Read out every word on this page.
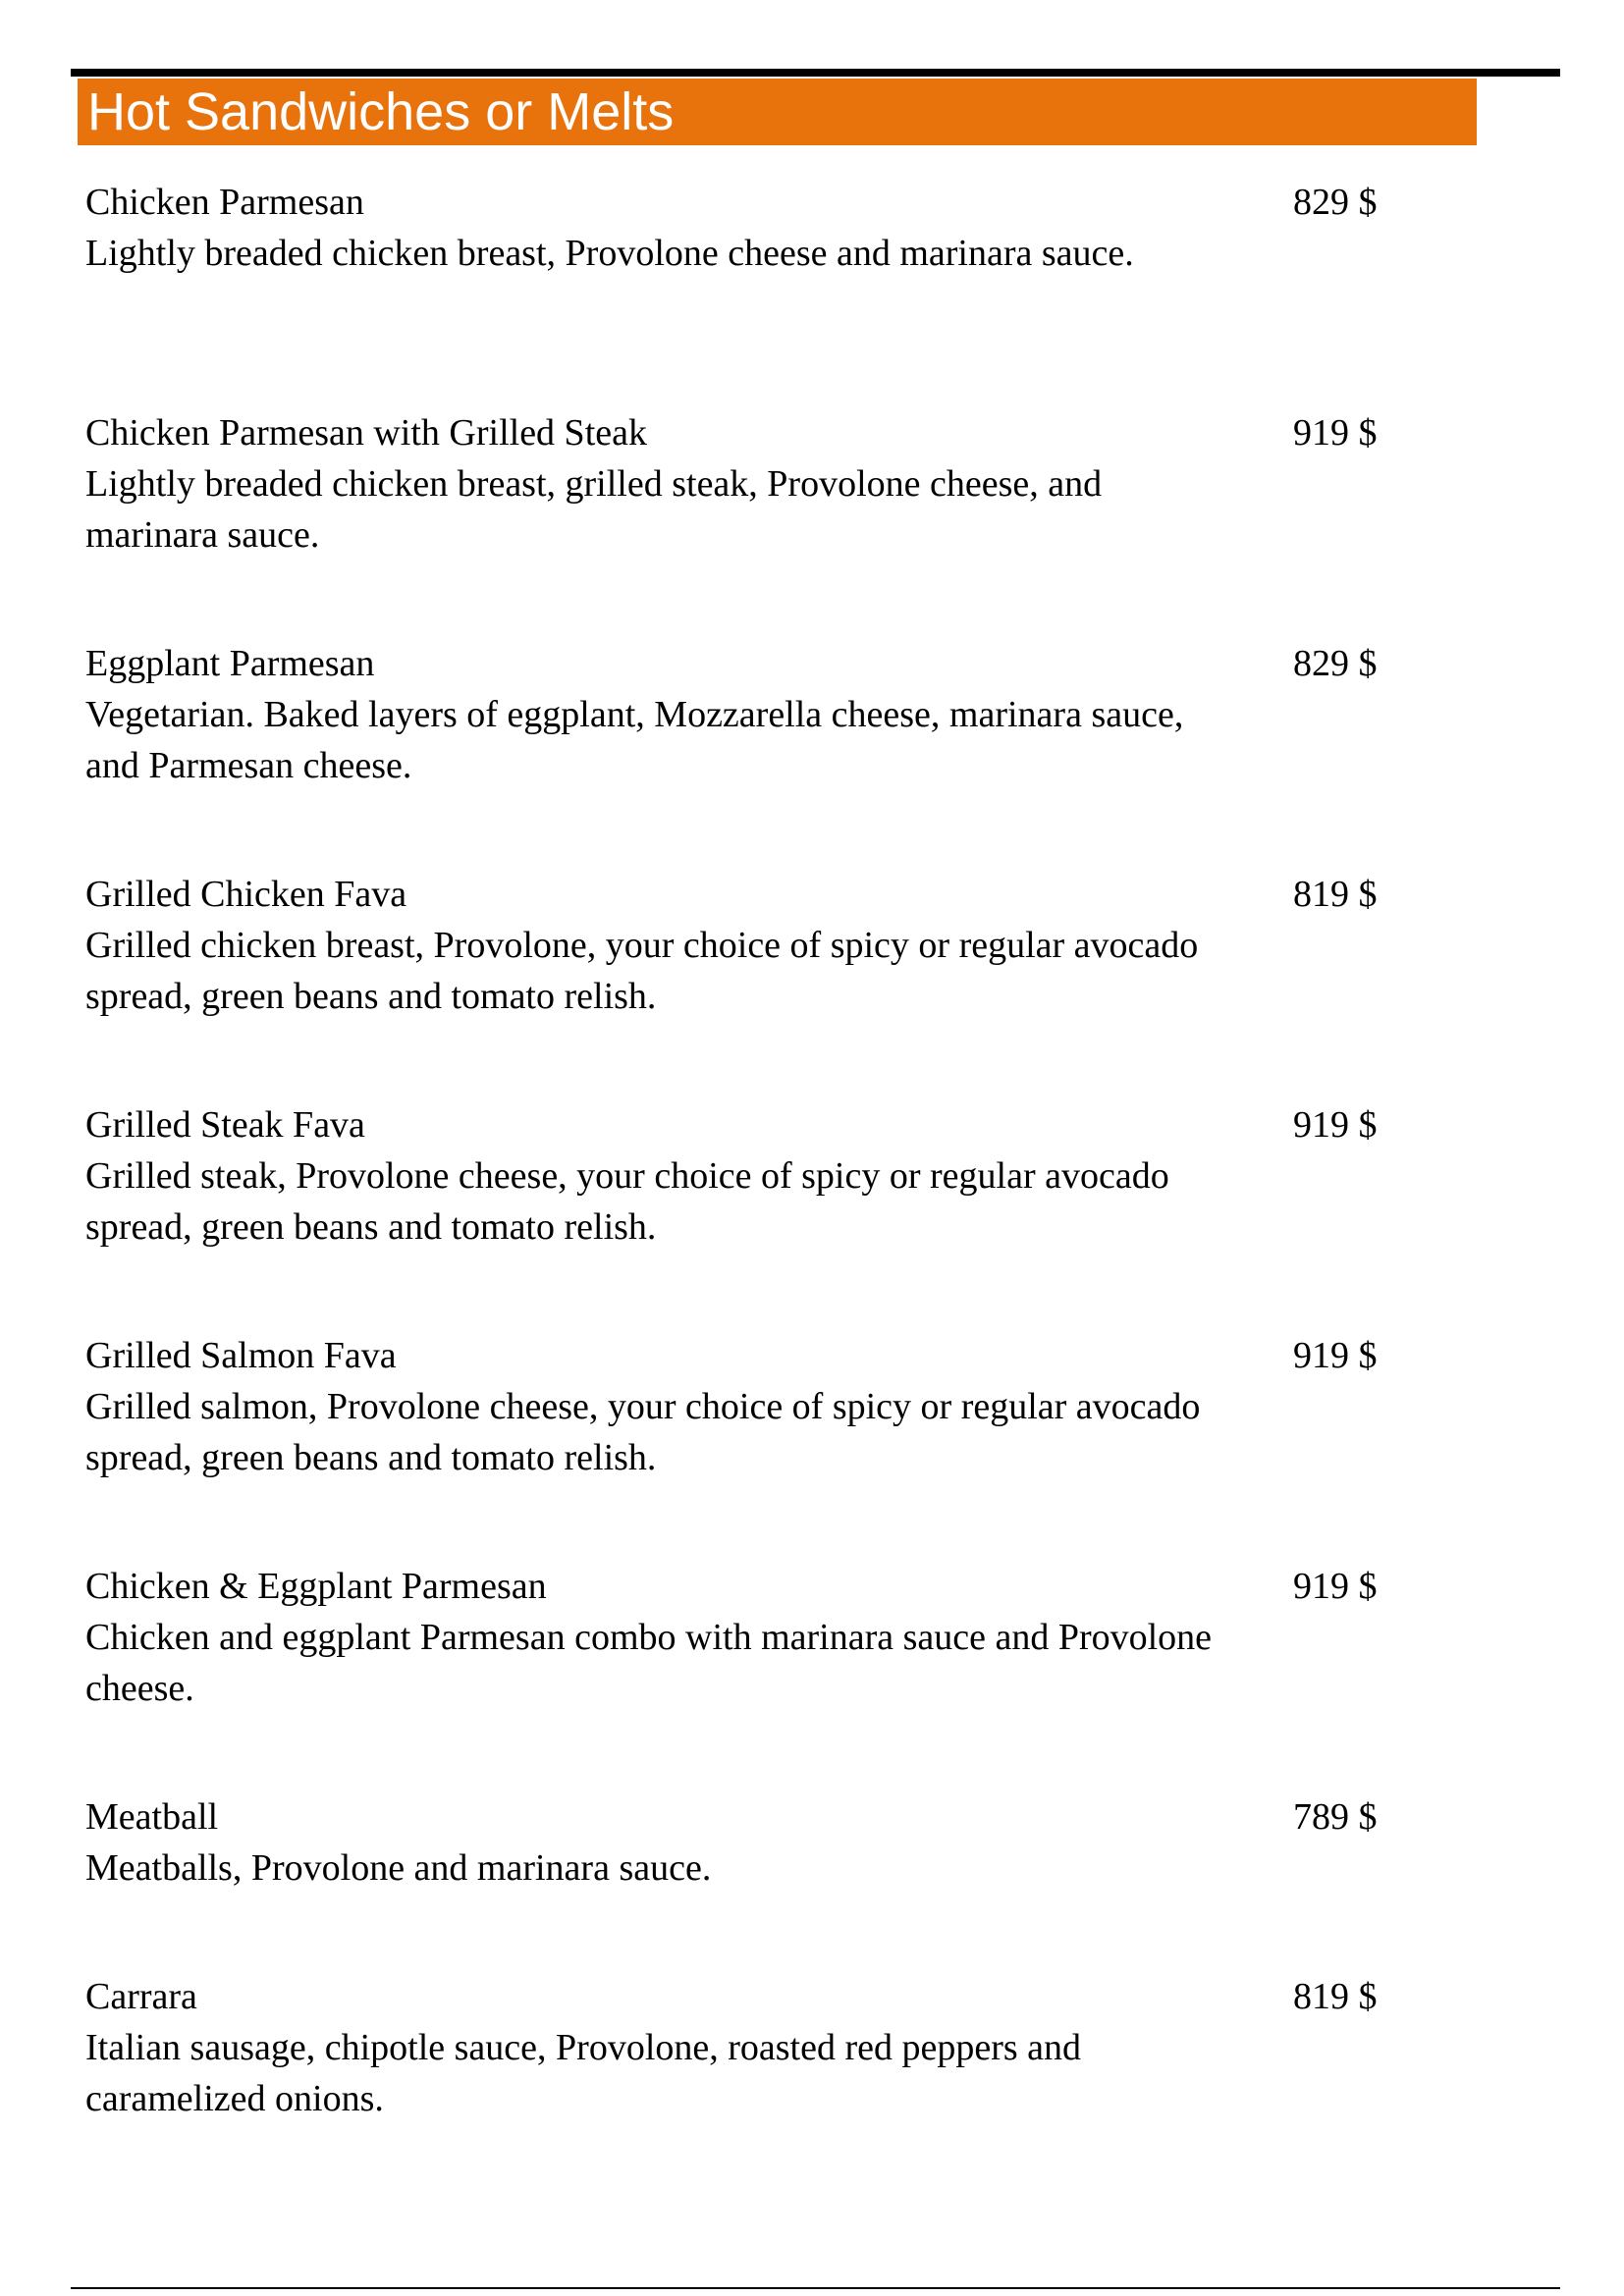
Hot Sandwiches or Melts
Chicken Parmesan
Lightly breaded chicken breast, Provolone cheese and marinara sauce.
829 $
Chicken Parmesan with Grilled Steak
Lightly breaded chicken breast, grilled steak, Provolone cheese, and marinara sauce.
919 $
Eggplant Parmesan
Vegetarian. Baked layers of eggplant, Mozzarella cheese, marinara sauce, and Parmesan cheese.
829 $
Grilled Chicken Fava
Grilled chicken breast, Provolone, your choice of spicy or regular avocado spread, green beans and tomato relish.
819 $
Grilled Steak Fava
Grilled steak, Provolone cheese, your choice of spicy or regular avocado spread, green beans and tomato relish.
919 $
Grilled Salmon Fava
Grilled salmon, Provolone cheese, your choice of spicy or regular avocado spread, green beans and tomato relish.
919 $
Chicken & Eggplant Parmesan
Chicken and eggplant Parmesan combo with marinara sauce and Provolone cheese.
919 $
Meatball
Meatballs, Provolone and marinara sauce.
789 $
Carrara
Italian sausage, chipotle sauce, Provolone, roasted red peppers and caramelized onions.
819 $
